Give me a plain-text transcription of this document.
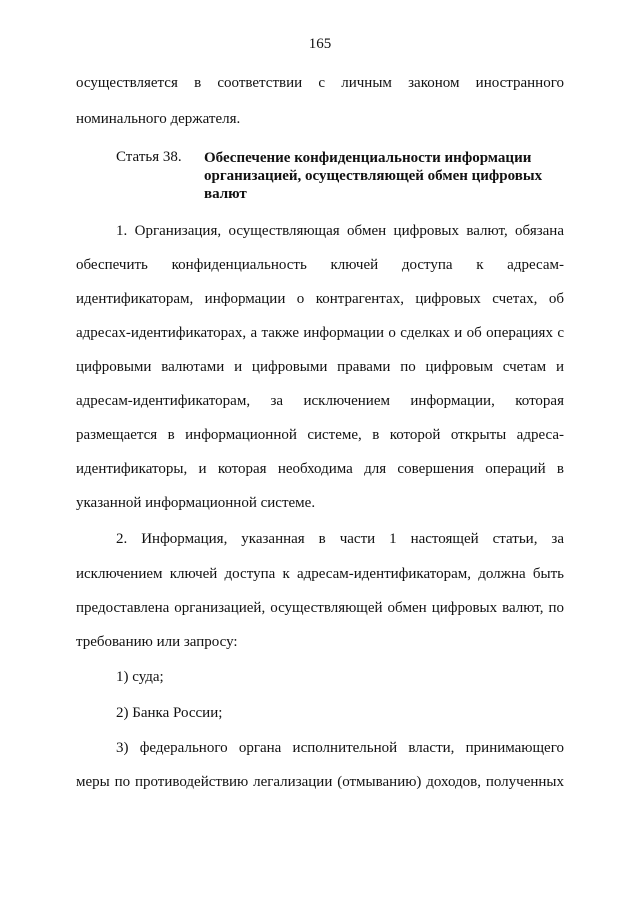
165

осуществляется в соответствии с личным законом иностранного

номинального держателя.

Статья 38. Обеспечение конфиденциальности информации
организацией, осуществляющей обмен цифровых
валют

1. Организация, осуществляющая обмен цифровых валют, обязана

обеспечить конфиденциальность ключей доступа к адресам-

идентификаторам, информации о контрагентах, цифровых счетах, об

адресах-идентификаторах, а также информации о сделках и об операциях с

цифровыми валютами и цифровыми правами по цифровым счетам и

адресам-идентификаторам, за исключением информации, которая

размещается в информационной системе, в которой открыты адреса-

идентификаторы, и которая необходима для совершения операций в

указанной информационной системе.

2. Информация, указанная в части 1 настоящей статьи, за

исключением ключей доступа к адресам-идентификаторам, должна быть

предоставлена организацией, осуществляющей обмен цифровых валют, по

требованию или запросу:

1) суда;

2) Банка России;

3) федерального органа исполнительной власти, принимающего

меры по противодействию легализации (отмыванию) доходов, полученных
